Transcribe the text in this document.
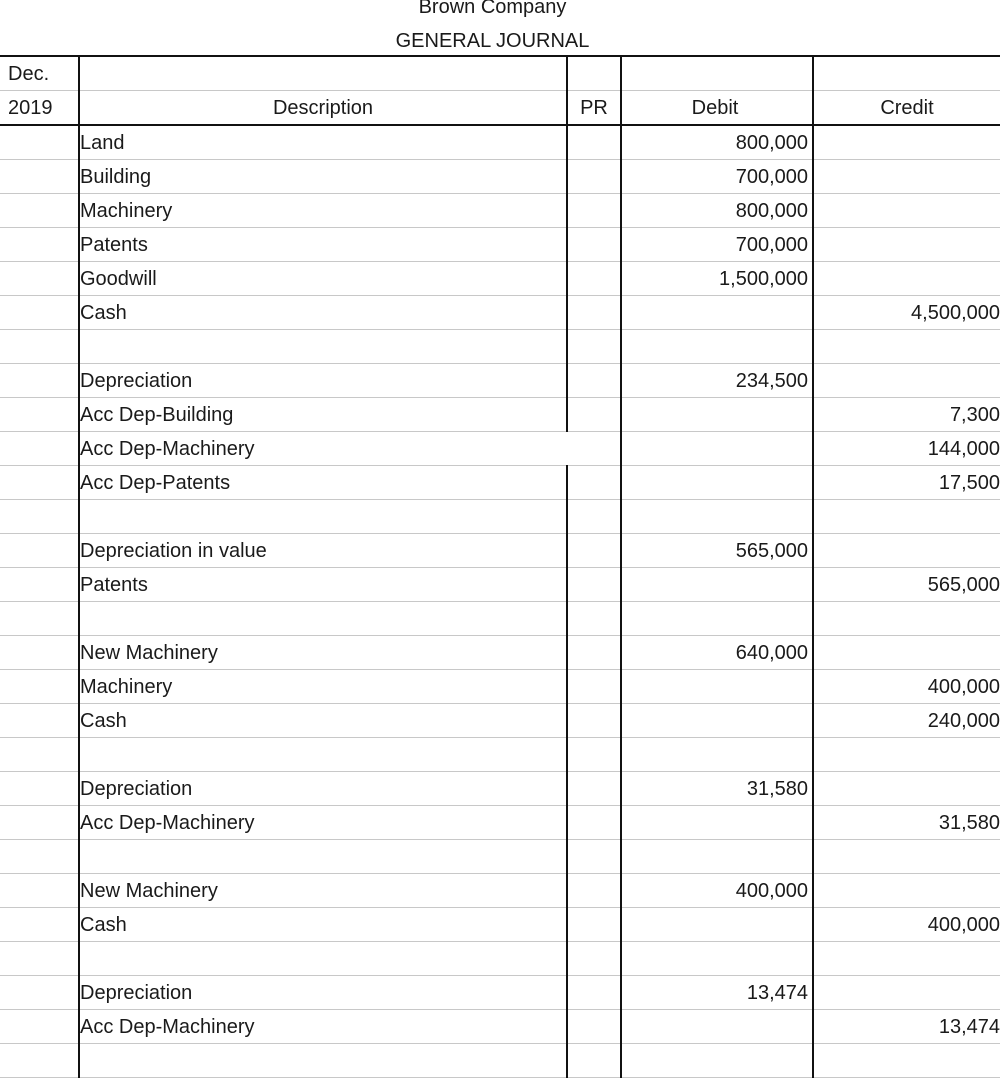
Brown Company
GENERAL JOURNAL
Dec.				
2019	Description	PR	Debit	Credit
	Land		800,000	
	Building		700,000	
	Machinery		800,000	
	Patents		700,000	
	Goodwill		1,500,000	
	Cash			4,500,000

	Depreciation		234,500	
	Acc Dep-Building			7,300
	Acc Dep-Machinery			144,000
	Acc Dep-Patents			17,500

	Depreciation in value		565,000	
	Patents			565,000

	New Machinery		640,000	
	Machinery			400,000
	Cash			240,000

	Depreciation		31,580	
	Acc Dep-Machinery			31,580

	New Machinery		400,000	
	Cash			400,000

	Depreciation		13,474	
	Acc Dep-Machinery			13,474
